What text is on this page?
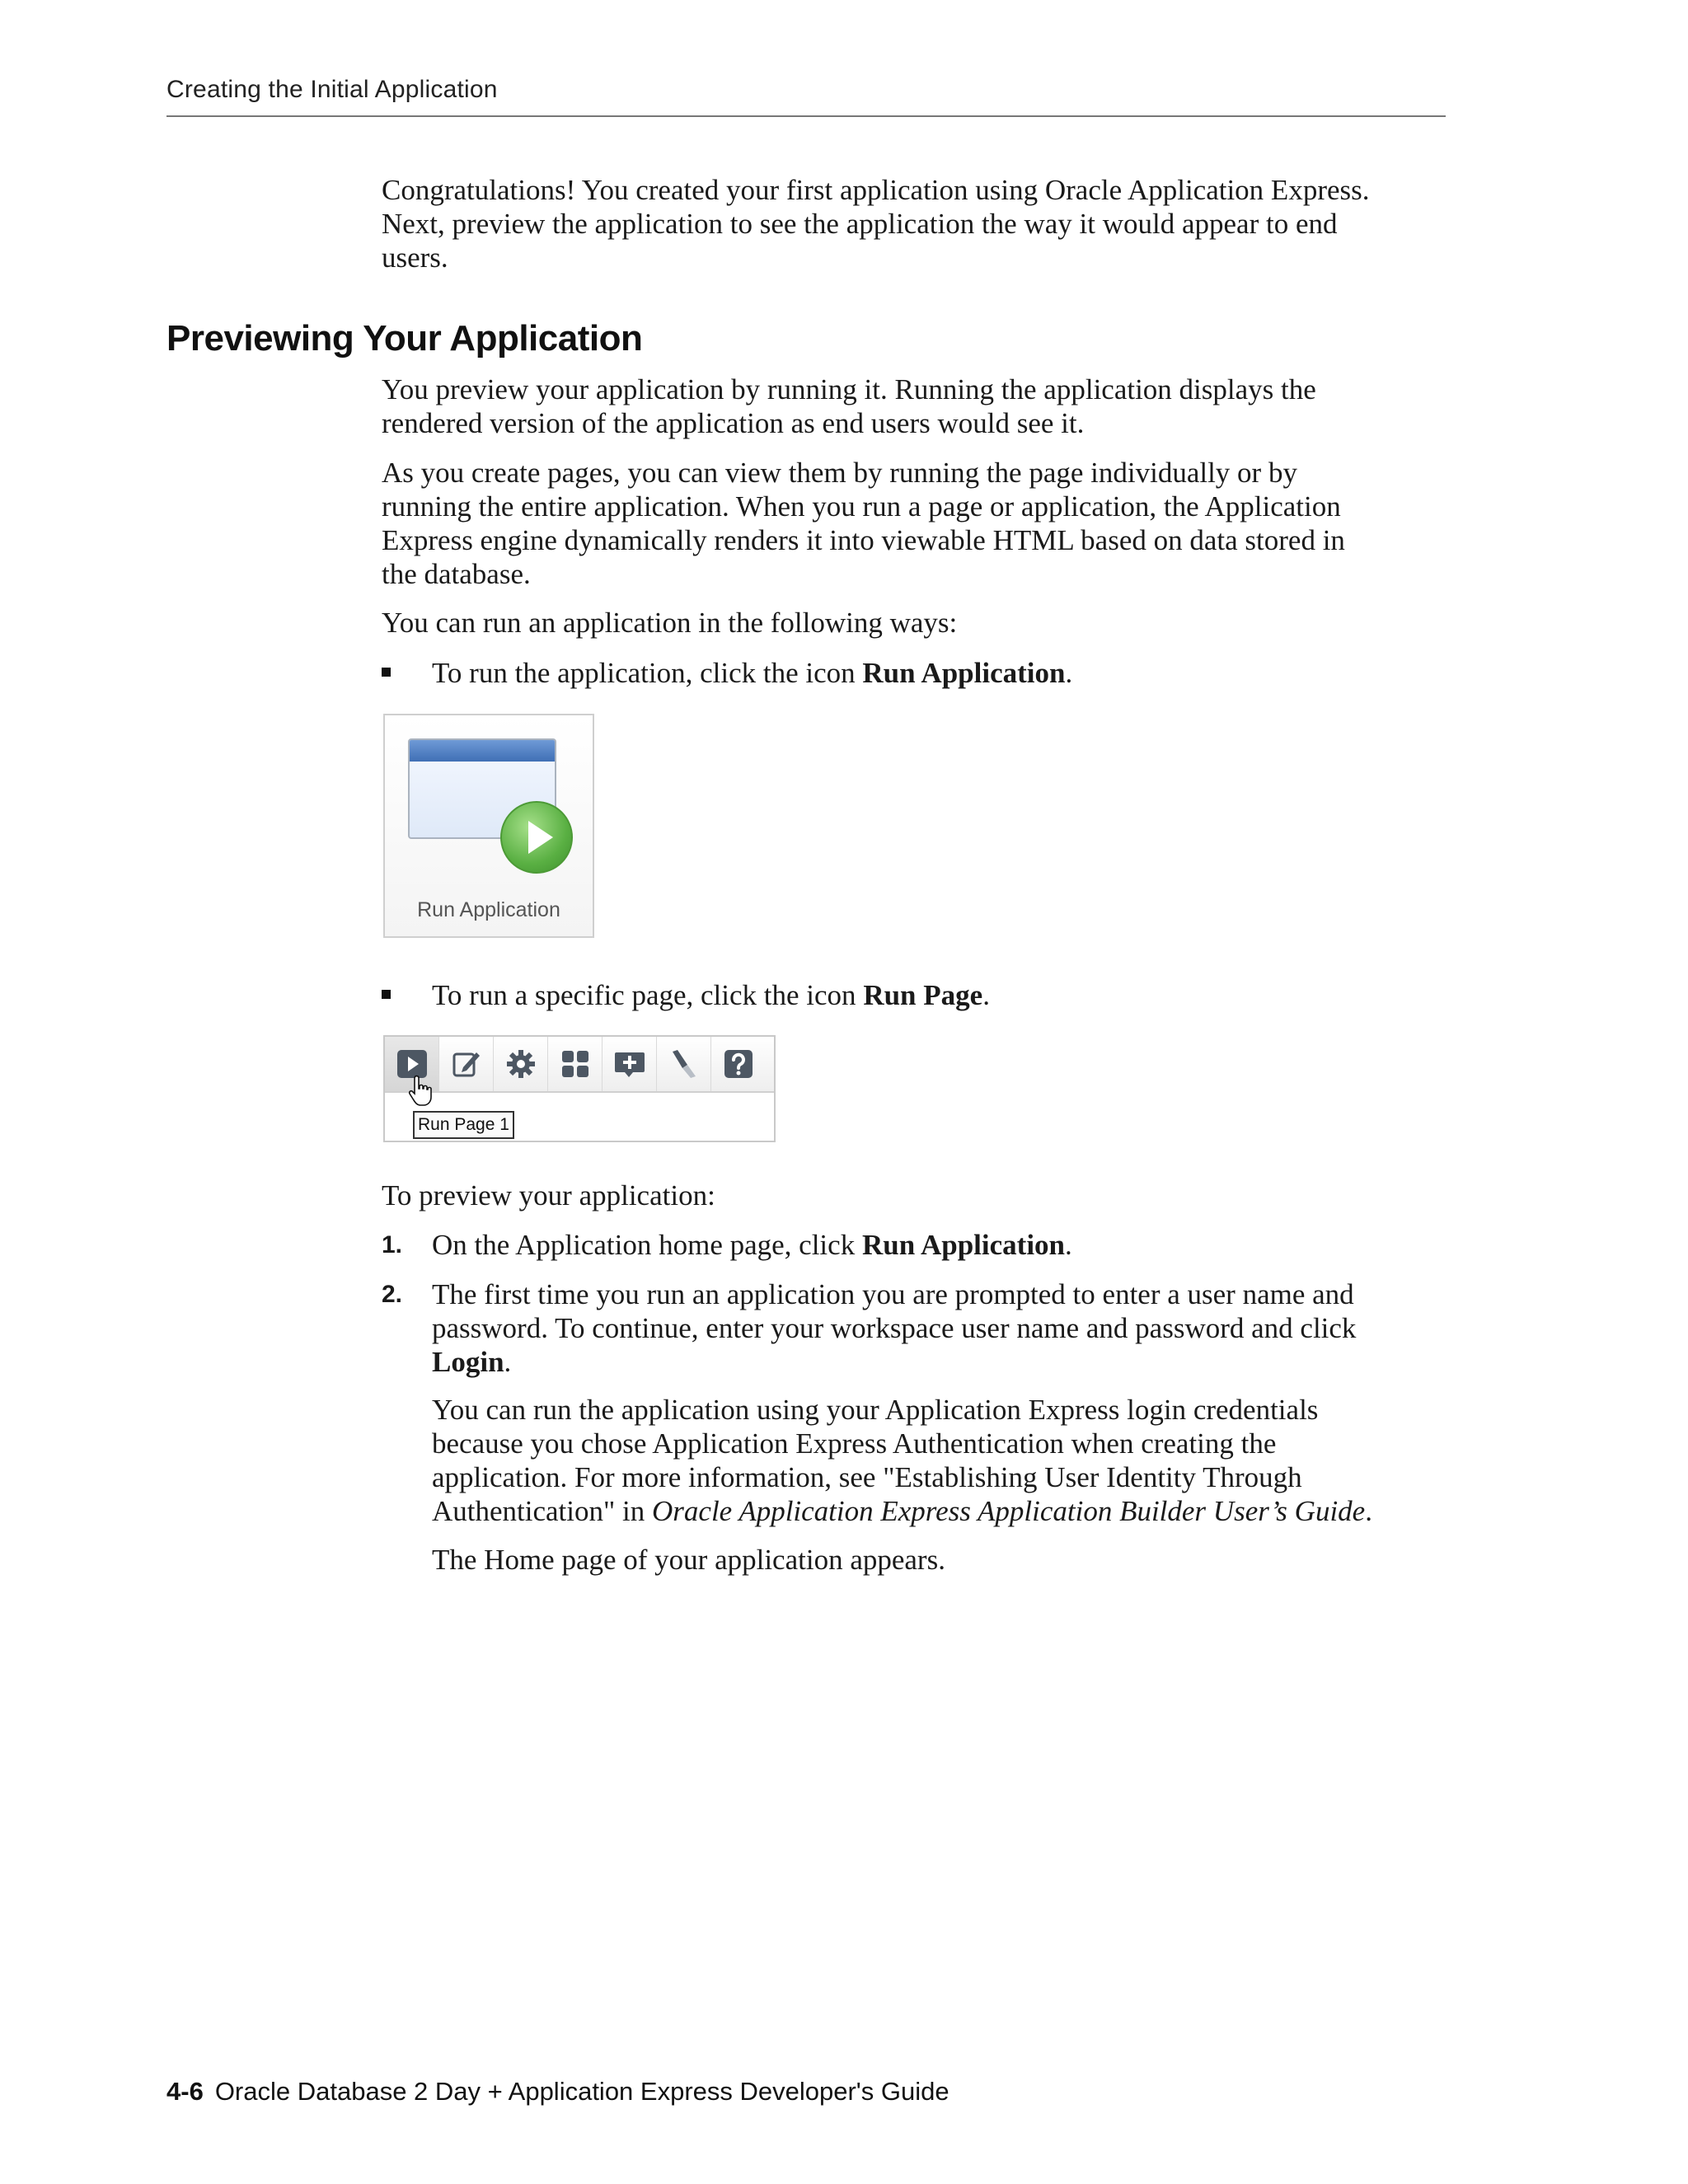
Creating the Initial Application

Congratulations! You created your first application using Oracle Application Express.

Next, preview the application to see the application the way it would appear to end

users.

Previewing Your Application

You preview your application by running it. Running the application displays the

rendered version of the application as end users would see it.

As you create pages, you can view them by running the page individually or by

running the entire application. When you run a page or application, the Application

Express engine dynamically renders it into viewable HTML based on data stored in

the database.

You can run an application in the following ways:

To run the application, click the icon Run Application.
Run Application
To run a specific page, click the icon Run Page.
Run Page 1

To preview your application:

1. On the Application home page, click Run Application.
2. The first time you run an application you are prompted to enter a user name and
password. To continue, enter your workspace user name and password and click
Login.
You can run the application using your Application Express login credentials
because you chose Application Express Authentication when creating the
application. For more information, see "Establishing User Identity Through
Authentication" in Oracle Application Express Application Builder User’s Guide.
The Home page of your application appears.
4-6 Oracle Database 2 Day + Application Express Developer's Guide
